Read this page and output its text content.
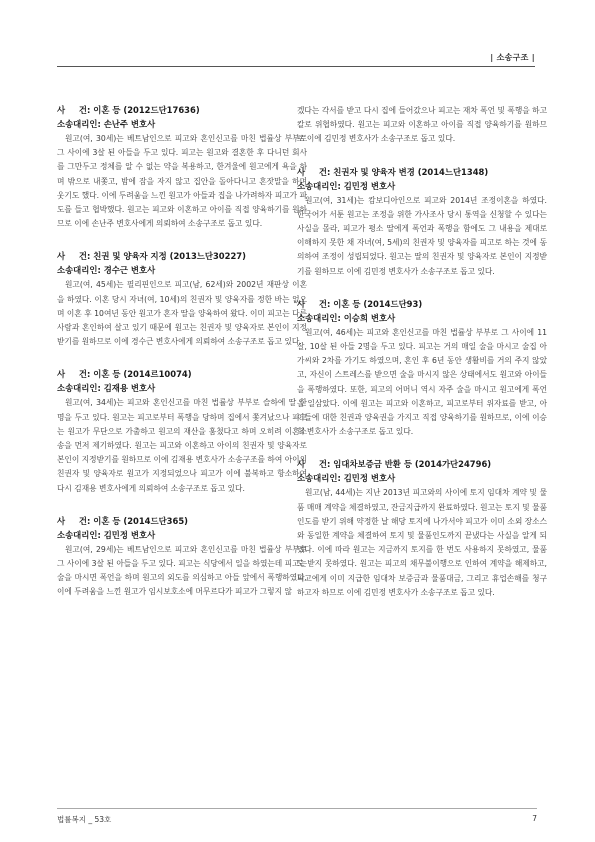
| 소송구조 |
사 건: 이혼 등 (2012드단17636)
소송대리인: 손난주 변호사

원고(여, 30세)는 베트남인으로 피고와 혼인신고를 마친 법률상 부부로 그 사이에 3살 된 아들을 두고 있다. 피고는 원고와 결혼한 후 다니던 회사를 그만두고 정체를 알 수 없는 약을 복용하고, 한겨울에 원고에게 욕을 하며 밖으로 내쫓고, 밤에 잠을 자지 않고 집안을 돌아다니고 혼잣말을 하며 웃기도 했다. 이에 두려움을 느낀 원고가 아들과 집을 나가려하자 피고가 파도를 들고 협박했다. 원고는 피고와 이혼하고 아이를 직접 양육하기를 원하므로 이에 손난주 변호사에게 의뢰하여 소송구조로 돕고 있다.

사 건: 친권 및 양육자 지정 (2013느단30227)
소송대리인: 경수근 변호사

원고(여, 45세)는 필리핀인으로 피고(남, 62세)와 2002년 재판상 이혼을 하였다. 이혼 당시 자녀(여, 10세)의 친권자 및 양육자를 정한 바는 없으며 이혼 후 10여년 동안 원고가 혼자 딸을 양육하여 왔다. 이미 피고는 다른 사람과 혼인하여 살고 있기 때문에 원고는 친권자 및 양육자로 본인이 지정받기를 원하므로 이에 경수근 변호사에게 의뢰하여 소송구조로 돕고 있다.

사 건: 이혼 등 (2014르10074)
소송대리인: 김재용 변호사

원고(여, 34세)는 피고와 혼인신고를 마친 법률상 부부로 슬하에 딸 한 명을 두고 있다. 원고는 피고로부터 폭행을 당하며 집에서 쫓겨났으나 피고는 원고가 무단으로 가출하고 원고의 재산을 훔쳤다고 하며 오히려 이혼소송을 먼저 제기하였다. 원고는 피고와 이혼하고 아이의 친권자 및 양육자로 본인이 지정받기를 원하므로 이에 김재용 변호사가 소송구조를 하여 아이의 친권자 및 양육자로 원고가 지정되었으나 피고가 이에 불복하고 항소하여 다시 김재용 변호사에게 의뢰하여 소송구조로 돕고 있다.

사 건: 이혼 등 (2014드단365)
소송대리인: 김민정 변호사

원고(여, 29세)는 베트남인으로 피고와 혼인신고를 마친 법률상 부부로 그 사이에 3살 된 아들을 두고 있다. 피고는 식당에서 일을 하였는데 피고는 술을 마시면 폭언을 하며 원고의 외도를 의심하고 아들 앞에서 폭행하였다. 이에 두려움을 느낀 원고가 임시보호소에 머무르다가 피고가 그렇지 않

겠다는 각서를 받고 다시 집에 들어갔으나 피고는 재차 폭언 및 폭행을 하고 칼로 위협하였다. 원고는 피고와 이혼하고 아이를 직접 양육하기를 원하므로 이에 김민정 변호사가 소송구조로 돕고 있다.

사 건: 친권자 및 양육자 변경 (2014느단1348)
소송대리인: 김민정 변호사

원고(여, 31세)는 캄보디아인으로 피고와 2014년 조정이혼을 하였다. 한국어가 서툰 원고는 조정을 위한 가사조사 당시 통역을 신청할 수 있다는 사실을 몰라, 피고가 평소 딸에게 폭언과 폭행을 함에도 그 내용을 제대로 이해하지 못한 채 자녀(여, 5세)의 친권자 및 양육자를 피고로 하는 것에 동의하여 조정이 성립되었다. 원고는 딸의 친권자 및 양육자로 본인이 지정받기를 원하므로 이에 김민정 변호사가 소송구조로 돕고 있다.

사 건: 이혼 등 (2014드단93)
소송대리인: 이승희 변호사

원고(여, 46세)는 피고와 혼인신고를 마친 법률상 부부로 그 사이에 11살, 10살 된 아들 2명을 두고 있다. 피고는 거의 매일 술을 마시고 술집 아가씨와 2차를 가기도 하였으며, 혼인 후 6년 동안 생활비를 거의 주지 않았고, 자신이 스트레스를 받으면 술을 마시지 않은 상태에서도 원고와 아이들을 폭행하였다. 또한, 피고의 어머니 역시 자주 술을 마시고 원고에게 폭언을 일삼았다. 이에 원고는 피고와 이혼하고, 피고로부터 위자료를 받고, 아이들에 대한 친권과 양육권을 가지고 직접 양육하기를 원하므로, 이에 이승희 변호사가 소송구조로 돕고 있다.

사 건: 임대차보증금 반환 등 (2014가단24796)
소송대리인: 김민정 변호사

원고(남, 44세)는 지난 2013년 피고와의 사이에 토지 임대차 계약 및 물품 매매 계약을 체결하였고, 잔금지급까지 완료하였다. 원고는 토지 및 물품 인도를 받기 위해 약정한 날 해당 토지에 나가서야 피고가 이미 소외 장소스와 동일한 계약을 체결하여 토지 및 물품인도까지 끝냈다는 사실을 알게 되었다. 이에 따라 원고는 지금까지 토지를 한 번도 사용하지 못하였고, 물품도 받지 못하였다. 원고는 피고의 채무불이행으로 인하여 계약을 해제하고, 피고에게 이미 지급한 임대차 보증금과 물품대금, 그리고 휴업손해를 청구하고자 하므로 이에 김민정 변호사가 소송구조로 돕고 있다.

법률복지 _ 53호	7
